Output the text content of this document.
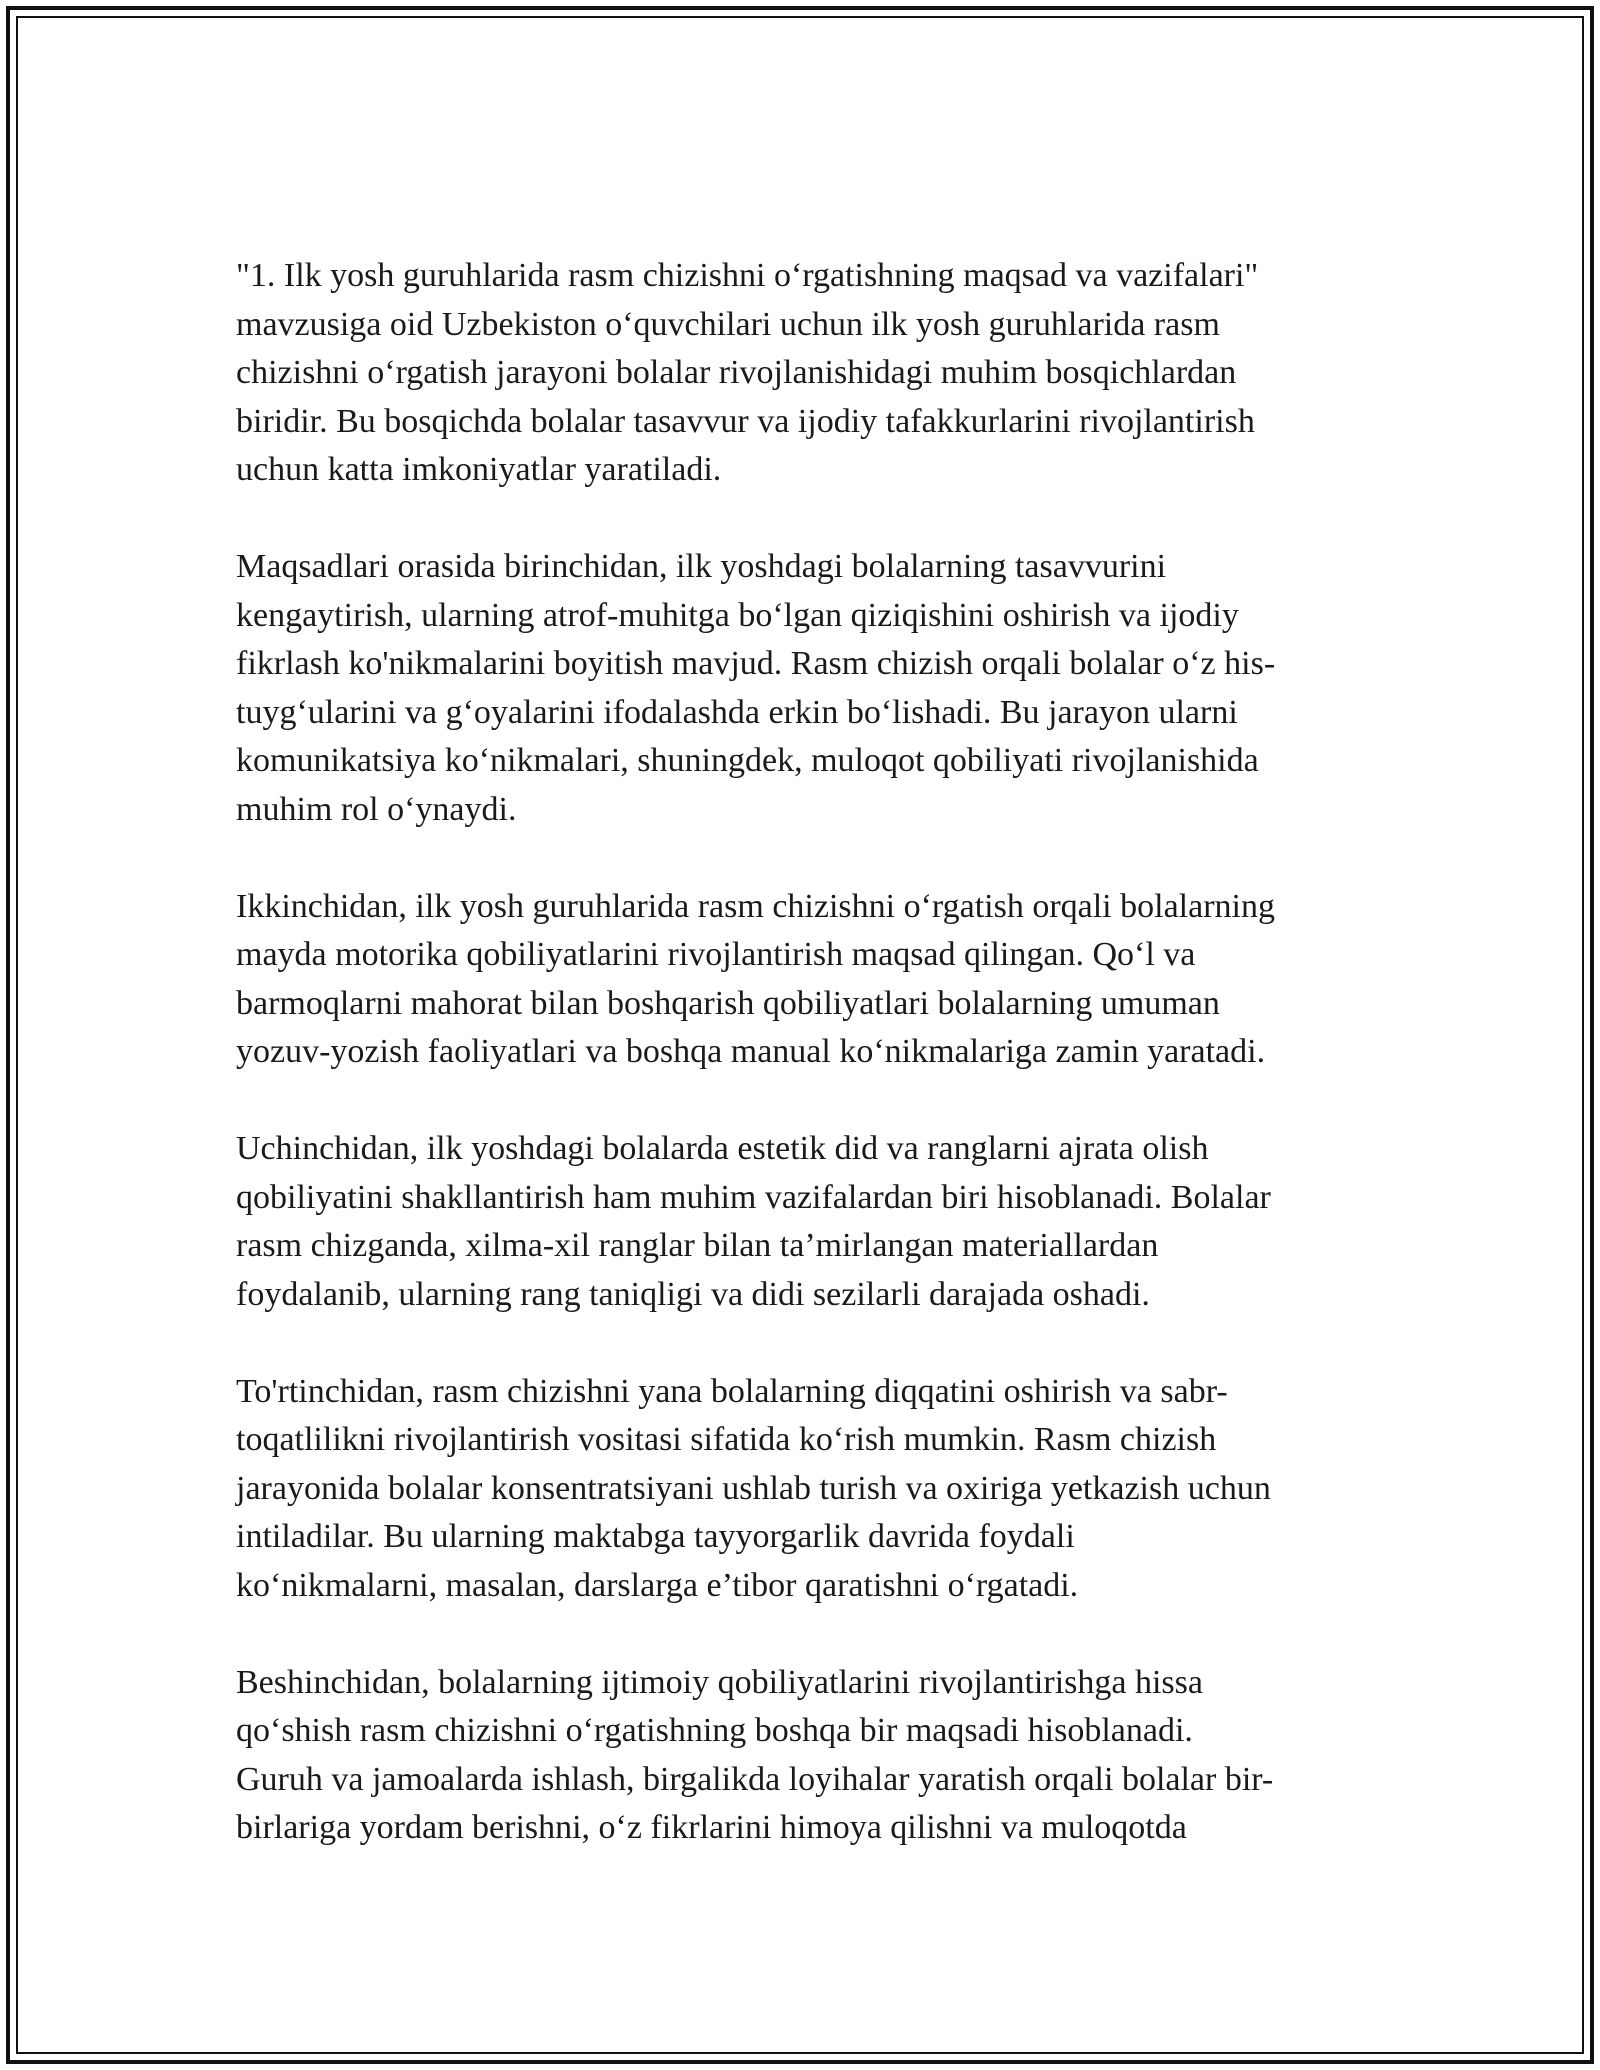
"1. Ilk yosh guruhlarida rasm chizishni o‘rgatishning maqsad va vazifalari"
mavzusiga oid Uzbekiston o‘quvchilari uchun ilk yosh guruhlarida rasm
chizishni o‘rgatish jarayoni bolalar rivojlanishidagi muhim bosqichlardan
biridir. Bu bosqichda bolalar tasavvur va ijodiy tafakkurlarini rivojlantirish
uchun katta imkoniyatlar yaratiladi.
Maqsadlari orasida birinchidan, ilk yoshdagi bolalarning tasavvurini
kengaytirish, ularning atrof-muhitga bo‘lgan qiziqishini oshirish va ijodiy
fikrlash ko'nikmalarini boyitish mavjud. Rasm chizish orqali bolalar o‘z his-
tuyg‘ularini va g‘oyalarini ifodalashda erkin bo‘lishadi. Bu jarayon ularni
komunikatsiya ko‘nikmalari, shuningdek, muloqot qobiliyati rivojlanishida
muhim rol o‘ynaydi.
Ikkinchidan, ilk yosh guruhlarida rasm chizishni o‘rgatish orqali bolalarning
mayda motorika qobiliyatlarini rivojlantirish maqsad qilingan. Qo‘l va
barmoqlarni mahorat bilan boshqarish qobiliyatlari bolalarning umuman
yozuv-yozish faoliyatlari va boshqa manual ko‘nikmalariga zamin yaratadi.
Uchinchidan, ilk yoshdagi bolalarda estetik did va ranglarni ajrata olish
qobiliyatini shakllantirish ham muhim vazifalardan biri hisoblanadi. Bolalar
rasm chizganda, xilma-xil ranglar bilan ta’mirlangan materiallardan
foydalanib, ularning rang taniqligi va didi sezilarli darajada oshadi.
To'rtinchidan, rasm chizishni yana bolalarning diqqatini oshirish va sabr-
toqatlilikni rivojlantirish vositasi sifatida ko‘rish mumkin. Rasm chizish
jarayonida bolalar konsentratsiyani ushlab turish va oxiriga yetkazish uchun
intiladilar. Bu ularning maktabga tayyorgarlik davrida foydali
ko‘nikmalarni, masalan, darslarga e’tibor qaratishni o‘rgatadi.
Beshinchidan, bolalarning ijtimoiy qobiliyatlarini rivojlantirishga hissa
qo‘shish rasm chizishni o‘rgatishning boshqa bir maqsadi hisoblanadi.
Guruh va jamoalarda ishlash, birgalikda loyihalar yaratish orqali bolalar bir-
birlariga yordam berishni, o‘z fikrlarini himoya qilishni va muloqotda
